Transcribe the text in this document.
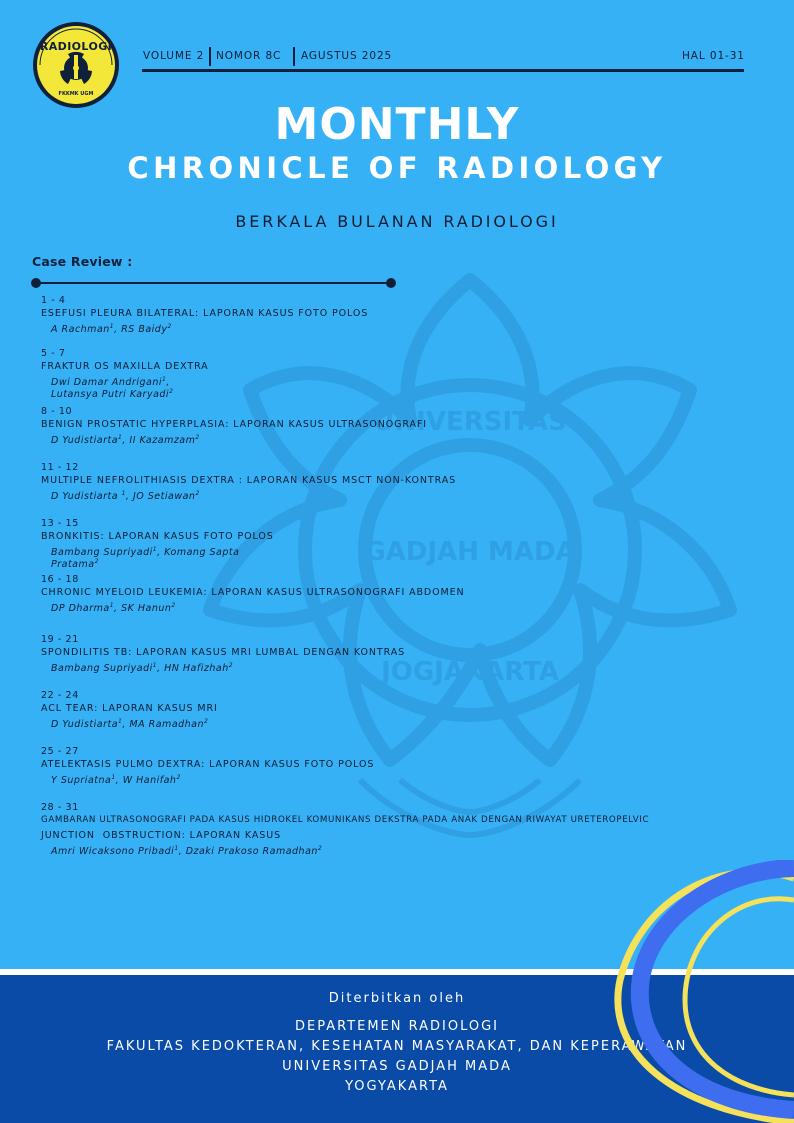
UNIVERSITAS
GADJAH MADA
JOGJAKARTA
RADIOLOGI
FKKMK UGM
VOLUME 2 NOMOR 8C AGUSTUS 2025	HAL 01-31
MONTHLY
CHRONICLE OF RADIOLOGY
BERKALA BULANAN RADIOLOGI
Case Review :
1 - 4
ESEFUSI PLEURA BILATERAL: LAPORAN KASUS FOTO POLOS
A Rachman$^1$, RS Baidy$^2$
5 - 7
FRAKTUR OS MAXILLA DEXTRA
Dwi Damar Andrigani$^1$, Lutansya Putri Karyadi$^2$
8 - 10
BENIGN PROSTATIC HYPERPLASIA: LAPORAN KASUS ULTRASONOGRAFI
D Yudistiarta$^1$, II Kazamzam$^2$
11 - 12
MULTIPLE NEFROLITHIASIS DEXTRA : LAPORAN KASUS MSCT NON-KONTRAS
D Yudistiarta $^1$, JO Setiawan$^2$
13 - 15
BRONKITIS: LAPORAN KASUS FOTO POLOS
Bambang Supriyadi$^1$, Komang Sapta Pratama$^2$
16 - 18
CHRONIC MYELOID LEUKEMIA: LAPORAN KASUS ULTRASONOGRAFI ABDOMEN
DP Dharma$^1$, SK Hanun$^2$
19 - 21
SPONDILITIS TB: LAPORAN KASUS MRI LUMBAL DENGAN KONTRAS
Bambang Supriyadi$^1$, HN Hafizhah$^2$
22 - 24
ACL TEAR: LAPORAN KASUS MRI
D Yudistiarta$^1$, MA Ramadhan$^2$
25 - 27
ATELEKTASIS PULMO DEXTRA: LAPORAN KASUS FOTO POLOS
Y Supriatna$^1$, W Hanifah$^2$
28 - 31
GAMBARAN ULTRASONOGRAFI PADA KASUS HIDROKEL KOMUNIKANS DEKSTRA PADA ANAK DENGAN RIWAYAT URETEROPELVIC
JUNCTION  OBSTRUCTION: LAPORAN KASUS
Amri Wicaksono Pribadi$^1$, Dzaki Prakoso Ramadhan$^2$
Diterbitkan oleh
DEPARTEMEN RADIOLOGI
FAKULTAS KEDOKTERAN, KESEHATAN MASYARAKAT, DAN KEPERAWATAN
UNIVERSITAS GADJAH MADA
YOGYAKARTA
